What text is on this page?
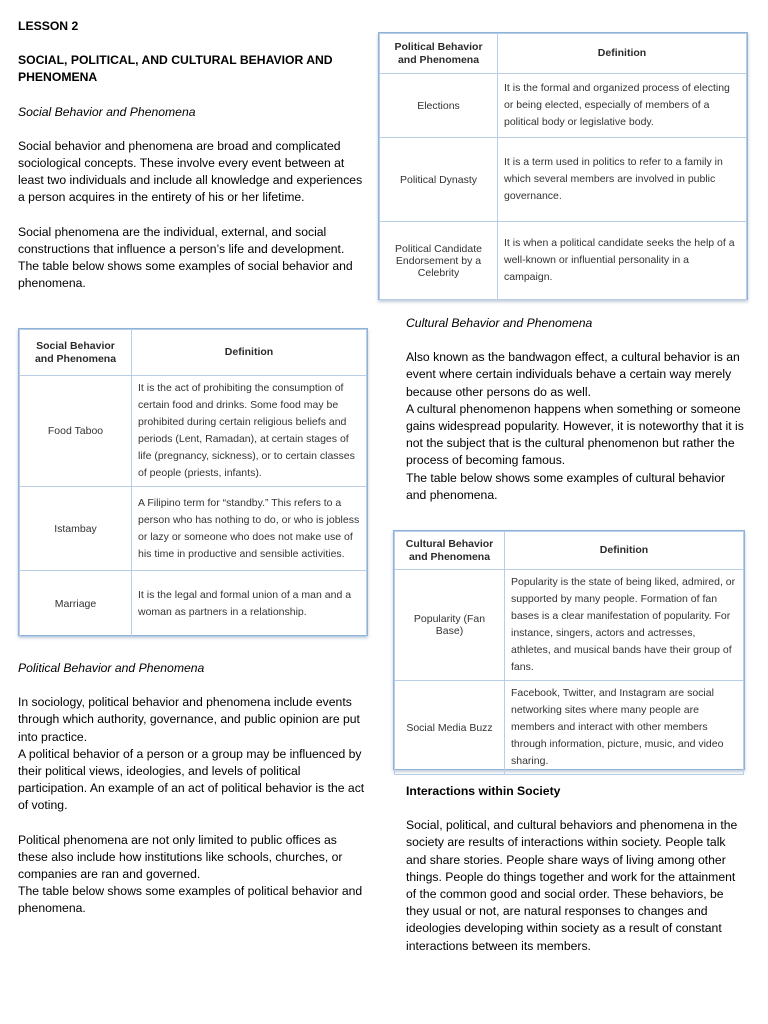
LESSON 2

SOCIAL, POLITICAL, AND CULTURAL BEHAVIOR AND PHENOMENA

Social Behavior and Phenomena

Social behavior and phenomena are broad and complicated sociological concepts. These involve every event between at least two individuals and include all knowledge and experiences a person acquires in the entirety of his or her lifetime.

Social phenomena are the individual, external, and social constructions that influence a person’s life and development. The table below shows some examples of social behavior and phenomena.

Social Behavior and Phenomena	Definition
Food Taboo	It is the act of prohibiting the consumption of certain food and drinks. Some food may be prohibited during certain religious beliefs and periods (Lent, Ramadan), at certain stages of life (pregnancy, sickness), or to certain classes of people (priests, infants).
Istambay	A Filipino term for “standby.” This refers to a person who has nothing to do, or who is jobless or lazy or someone who does not make use of his time in productive and sensible activities.
Marriage	It is the legal and formal union of a man and a woman as partners in a relationship.

Political Behavior and Phenomena

In sociology, political behavior and phenomena include events through which authority, governance, and public opinion are put into practice.

A political behavior of a person or a group may be influenced by their political views, ideologies, and levels of political participation. An example of an act of political behavior is the act of voting.

Political phenomena are not only limited to public offices as these also include how institutions like schools, churches, or companies are ran and governed.

The table below shows some examples of political behavior and phenomena.

Political Behavior and Phenomena	Definition
Elections	It is the formal and organized process of electing or being elected, especially of members of a political body or legislative body.
Political Dynasty	It is a term used in politics to refer to a family in which several members are involved in public governance.
Political Candidate Endorsement by a Celebrity	It is when a political candidate seeks the help of a well-known or influential personality in a campaign.

Cultural Behavior and Phenomena

Also known as the bandwagon effect, a cultural behavior is an event where certain individuals behave a certain way merely because other persons do as well.

A cultural phenomenon happens when something or someone gains widespread popularity. However, it is noteworthy that it is not the subject that is the cultural phenomenon but rather the process of becoming famous.

The table below shows some examples of cultural behavior and phenomena.

Cultural Behavior and Phenomena	Definition
Popularity (Fan Base)	Popularity is the state of being liked, admired, or supported by many people. Formation of fan bases is a clear manifestation of popularity. For instance, singers, actors and actresses, athletes, and musical bands have their group of fans.
Social Media Buzz	Facebook, Twitter, and Instagram are social networking sites where many people are members and interact with other members through information, picture, music, and video sharing.

Interactions within Society

Social, political, and cultural behaviors and phenomena in the society are results of interactions within society. People talk and share stories. People share ways of living among other things. People do things together and work for the attainment of the common good and social order. These behaviors, be they usual or not, are natural responses to changes and ideologies developing within society as a result of constant interactions between its members.
